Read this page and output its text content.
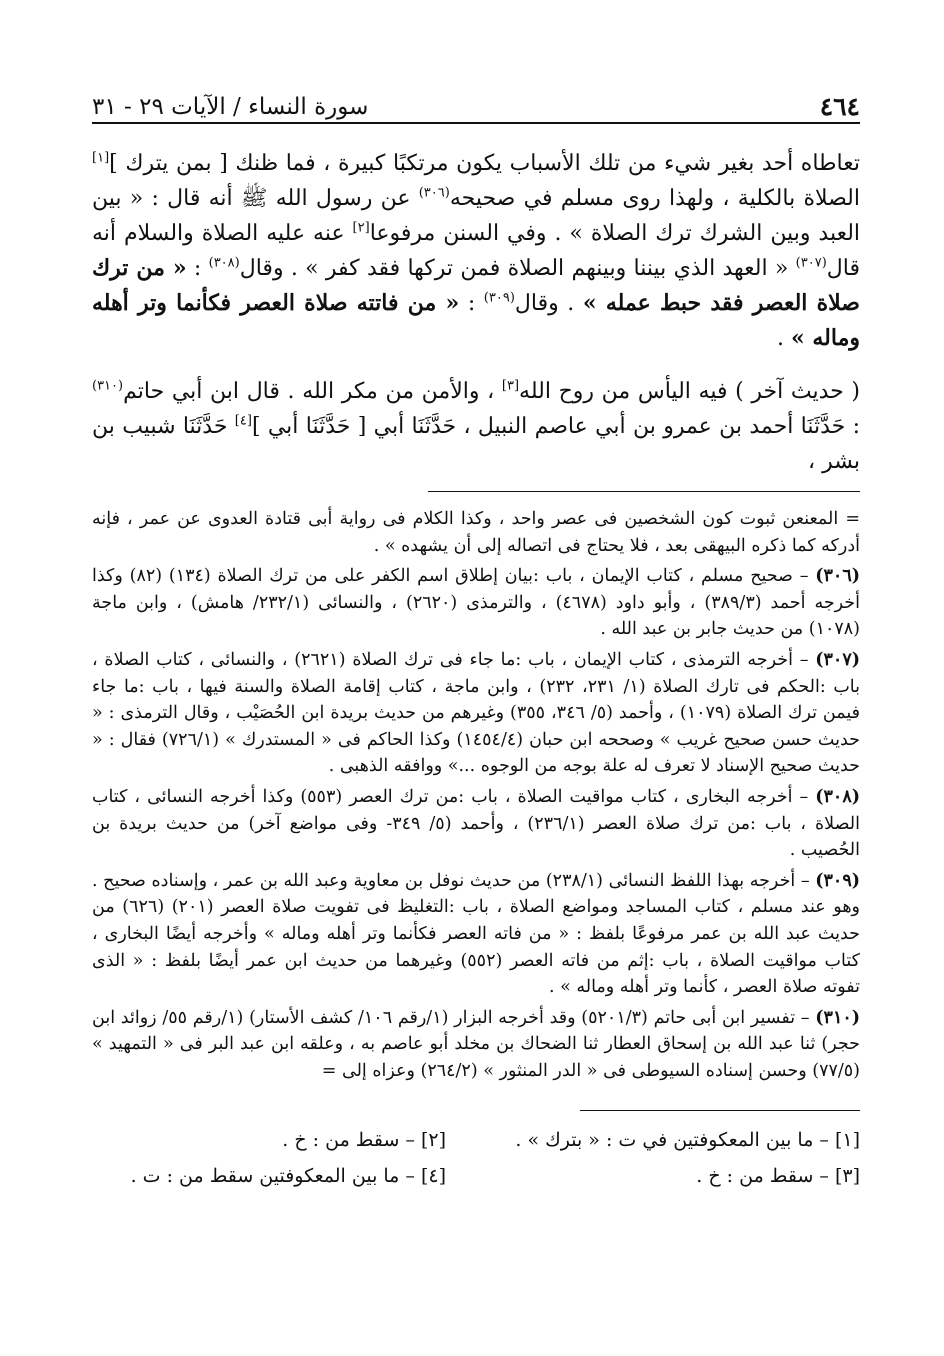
٤٦٤
سورة النساء / الآيات ٢٩ - ٣١

تعاطاه أحد بغير شيء من تلك الأسباب يكون مرتكبًا كبيرة ، فما ظنك [ بمن يترك ][١] الصلاة بالكلية ، ولهذا روى مسلم في صحيحه$^{(٣٠٦)}$ عن رسول الله ﷺ أنه قال : « بين العبد وبين الشرك ترك الصلاة » . وفي السنن مرفوعا[٢] عنه عليه الصلاة والسلام أنه قال$^{(٣٠٧)}$ « العهد الذي بيننا وبينهم الصلاة فمن تركها فقد كفر » . وقال$^{(٣٠٨)}$ : « من ترك صلاة العصر فقد حبط عمله » . وقال$^{(٣٠٩)}$ : « من فاتته صلاة العصر فكأنما وتر أهله وماله » .

( حديث آخر ) فيه اليأس من روح الله[٣] ، والأمن من مكر الله . قال ابن أبي حاتم$^{(٣١٠)}$ : حَدَّثَنَا أحمد بن عمرو بن أبي عاصم النبيل ، حَدَّثَنَا أبي [ حَدَّثَنَا أبي ][٤] حَدَّثَنَا شبيب بن بشر ،

= المعنعن ثبوت كون الشخصين فى عصر واحد ، وكذا الكلام فى رواية أبى قتادة العدوى عن عمر ، فإنه أدركه كما ذكره البيهقى بعد ، فلا يحتاج فى اتصاله إلى أن يشهده » .
(٣٠٦) – صحيح مسلم ، كتاب الإيمان ، باب :بيان إطلاق اسم الكفر على من ترك الصلاة (١٣٤) (٨٢) وكذا أخرجه أحمد (٣٨٩/٣) ، وأبو داود (٤٦٧٨) ، والترمذى (٢٦٢٠) ، والنسائى (٢٣٢/١/ هامش) ، وابن ماجة (١٠٧٨) من حديث جابر بن عبد الله .
(٣٠٧) – أخرجه الترمذى ، كتاب الإيمان ، باب :ما جاء فى ترك الصلاة (٢٦٢١) ، والنسائى ، كتاب الصلاة ، باب :الحكم فى تارك الصلاة (١/ ٢٣١، ٢٣٢) ، وابن ماجة ، كتاب إقامة الصلاة والسنة فيها ، باب :ما جاء فيمن ترك الصلاة (١٠٧٩) ، وأحمد (٥/ ٣٤٦، ٣٥٥) وغيرهم من حديث بريدة ابن الحُصَيْب ، وقال الترمذى : « حديث حسن صحيح غريب » وصححه ابن حبان (١٤٥٤/٤) وكذا الحاكم فى « المستدرك » (٧٢٦/١) فقال : « حديث صحيح الإسناد لا تعرف له علة بوجه من الوجوه ...» ووافقه الذهبى .
(٣٠٨) – أخرجه البخارى ، كتاب مواقيت الصلاة ، باب :من ترك العصر (٥٥٣) وكذا أخرجه النسائى ، كتاب الصلاة ، باب :من ترك صلاة العصر (٢٣٦/١) ، وأحمد (٥/ ٣٤٩- وفى مواضع آخر) من حديث بريدة بن الحُصيب .
(٣٠٩) – أخرجه بهذا اللفظ النسائى (٢٣٨/١) من حديث نوفل بن معاوية وعبد الله بن عمر ، وإسناده صحيح . وهو عند مسلم ، كتاب المساجد ومواضع الصلاة ، باب :التغليظ فى تفويت صلاة العصر (٢٠١) (٦٢٦) من حديث عبد الله بن عمر مرفوعًا بلفظ : « من فاته العصر فكأنما وتر أهله وماله » وأخرجه أيضًا البخارى ، كتاب مواقيت الصلاة ، باب :إثم من فاته العصر (٥٥٢) وغيرهما من حديث ابن عمر أيضًا بلفظ : « الذى تفوته صلاة العصر ، كأنما وتر أهله وماله » .
(٣١٠) – تفسير ابن أبى حاتم (٥٢٠١/٣) وقد أخرجه البزار (١/رقم ١٠٦/ كشف الأستار) (١/رقم ٥٥/ زوائد ابن حجر) ثنا عبد الله بن إسحاق العطار ثنا الضحاك بن مخلد أبو عاصم به ، وعلقه ابن عبد البر فى « التمهيد » (٧٧/٥) وحسن إسناده السيوطى فى « الدر المنثور » (٢٦٤/٢) وعزاه إلى =
[١] – ما بين المعكوفتين في ت : « بترك » .
[٢] – سقط من : خ .
[٣] – سقط من : خ .
[٤] – ما بين المعكوفتين سقط من : ت .
